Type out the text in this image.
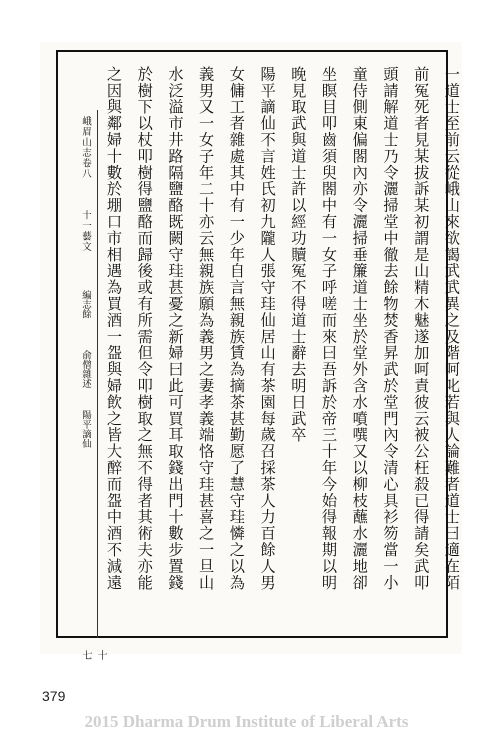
峨眉山志卷八
十一藝文
編志餘
俞僧雜述
陽平謫仙
十七
一道士至前云從峨山來欲謁武武異之及階呵叱若與人論難者道士曰適在陌
前冤死者見某拔訴某初謂是山精木魅遂加呵責彼云被公枉殺已得請矣武叩
頭請解道士乃令灑掃堂中徹去餘物焚香昇武於堂門內令清心具衫笏當一小
童侍側東偏閤內亦令灑掃垂簾道士坐於堂外含水噴噀又以柳枝蘸水灑地卻
坐瞑目叩齒須臾閤中有一女子呼嗟而來曰吾訴於帝三十年今始得報期以明
晚見取武與道士許以經功贖冤不得道士辭去明日武卒
陽平謫仙不言姓氏初九隴人張守珪仙居山有茶園每歲召採茶人力百餘人男
女傭工者雜處其中有一少年自言無親族賃為摘茶甚勤愿了慧守珪憐之以為
義男又一女子年二十亦云無親族願為義男之妻孝義端恪守珪甚喜之一旦山
水泛溢市井路隔鹽酪既闕守珪甚憂之新婦曰此可買耳取錢出門十數步置錢
於樹下以杖叩樹得鹽酪而歸後或有所需但令叩樹取之無不得者其術夫亦能
之因與鄰婦十數於堋口市相遇為買酒一盌與婦飲之皆大醉而盌中酒不減遠
379
2015 Dharma Drum Institute of Liberal Arts
